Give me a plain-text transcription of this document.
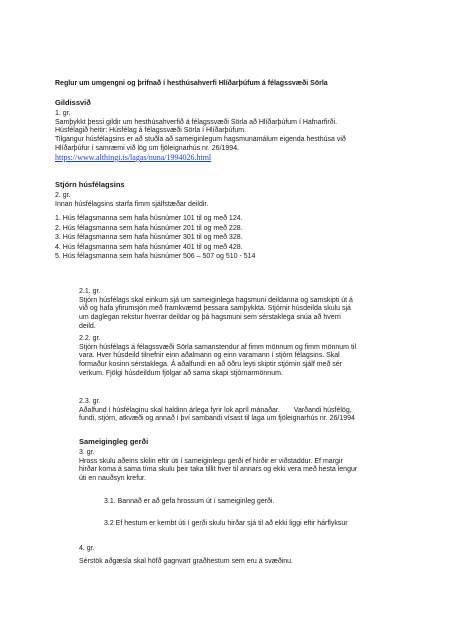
Reglur um umgengni og þrifnað í hesthúsahverfi Hlíðarþúfum á félagssvæði Sörla
Gildissvið
1. gr.
Samþykkt þessi gildir um hesthúsahverfið á félagssvæði Sörla að Hlíðarþúfum í Hafnarfirði.
Húsfélagið heitir: Húsfélag á félagssvæði Sörla í Hlíðarþúfum.
Tilgangur húsfélagsins er að stuðla að sameiginlegum hagsmunamálum eigenda hesthúsa við
Hlíðarþúfur í samræmi við lög um fjöleignarhús nr. 26/1994.
https://www.althingi.is/lagas/nuna/1994026.html
Stjórn húsfélagsins
2. gr.
Innan húsfélagsins starfa fimm sjálfstæðar deildir.
1. Hús félagsmanna sem hafa húsnúmer 101 til og með 124.
2. Hús félagsmanna sem hafa húsnúmer 201 til og með 228.
3. Hús félagsmanna sem hafa húsnúmer 301 til og með 328.
4. Hús félagsmanna sem hafa húsnúmer 401 til og með 428.
5. Hús félagsmanna sem hafa húsnúmer 506 – 507 og 510 - 514
2.1. gr.
Stjórn húsfélags skal einkum sjá um sameiginlega hagsmuni deildanna og samskipti út á
við og hafa yfirumsjón með framkvæmd þessara samþykkta. Stjórnir húsdeilda skulu sjá
um daglegan rekstur hverrar deildar og þá hagsmuni sem sérstaklega snúa að hverri
deild.
2.2. gr.
Stjórn húsfélags á félagssvæði Sörla samanstendur af fimm mönnum og fimm mönnum til
vara. Hver húsdeild tilnefnir einn aðalmann og einn varamann í stjórn félagsins. Skal
formaður kosinn sérstaklega. Á aðalfundi en að öðru leyti skiptir stjórnin sjálf með sér
verkum. Fjölgi húsdeildum fjölgar að sama skapi stjórnarmönnum.
2.3. gr.
Aðalfund í húsfélaginu skal haldinn árlega fyrir lok apríl mánaðar. Varðandi húsfélög,
fundi, stjórn, atkvæði og annað í því sambandi vísast til laga um fjöleignarhús nr. 26/1994
Sameigingleg gerði
3. gr.
Hross skulu aðeins skilin eftir úti í sameiginlegu gerði ef hirðir er viðstaddur. Ef margir
hirðar koma á sama tíma skulu þeir taka tillit hver til annars og ekki vera með hesta lengur
úti en nauðsyn krefur.
3.1. Bannað er að gefa hrossum út í sameiginleg gerði.
3.2 Ef hestum er kembt úti í gerði skulu hirðar sjá til að ekki liggi eftir hárflyksur
4. gr.
Sérstök aðgæsla skal höfð gagnvart graðhestum sem eru á svæðinu.
